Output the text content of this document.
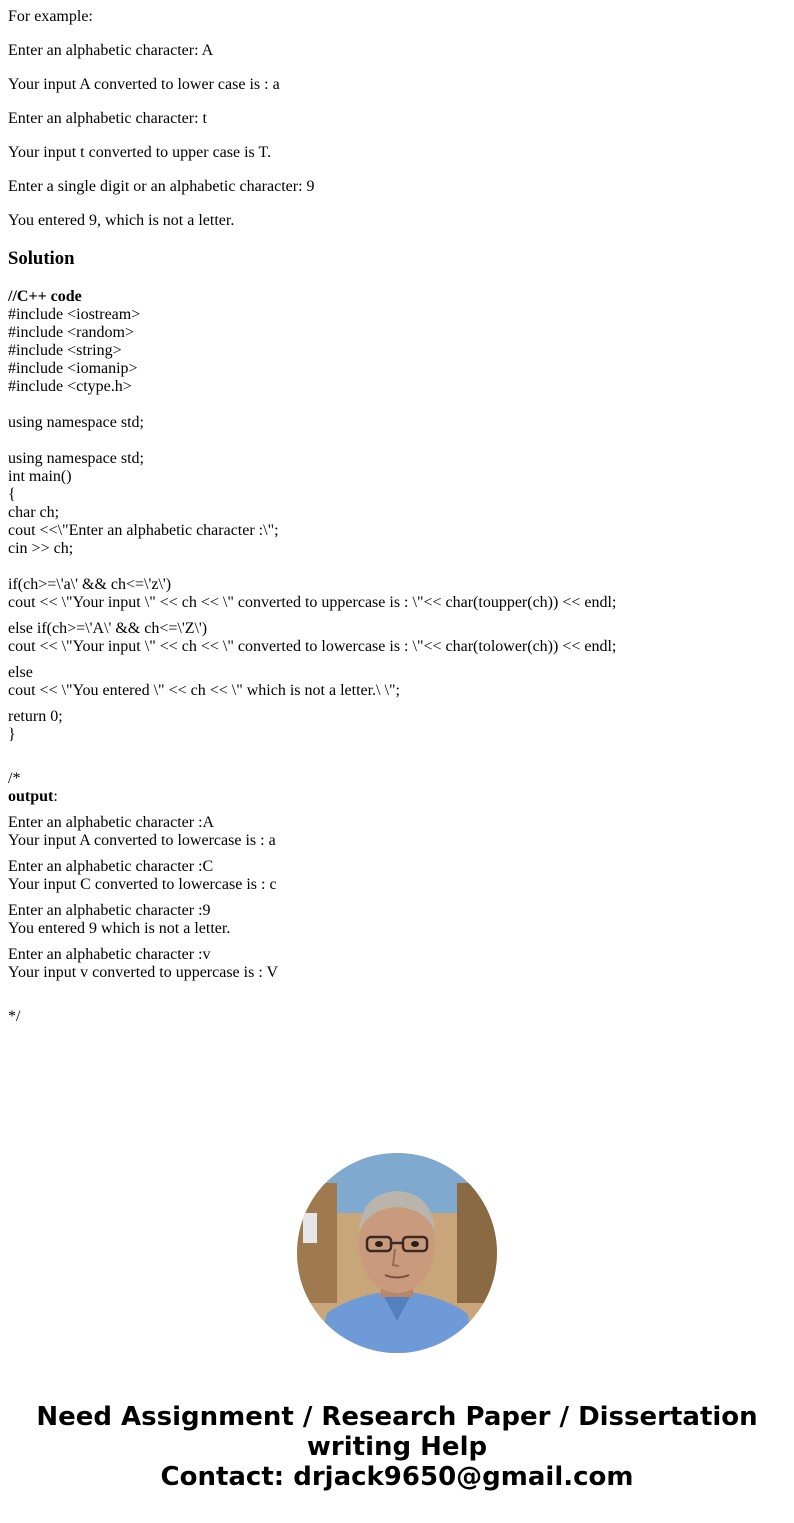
For example:

Enter an alphabetic character: A

Your input A converted to lower case is : a

Enter an alphabetic character: t

Your input t converted to upper case is T.

Enter a single digit or an alphabetic character: 9

You entered 9, which is not a letter.

Solution
//C++ code
#include <iostream>
#include <random>
#include <string>
#include <iomanip>
#include <ctype.h>
using namespace std;
using namespace std;
int main()
{
char ch;
cout <<\"Enter an alphabetic character :\";
cin >> ch;
if(ch>=\'a\' && ch<=\'z\')
cout << \"Your input \" << ch << \" converted to uppercase is : \"<< char(toupper(ch)) << endl;
else if(ch>=\'A\' && ch<=\'Z\')
cout << \"Your input \" << ch << \" converted to lowercase is : \"<< char(tolower(ch)) << endl;
else
cout << \"You entered \" << ch << \" which is not a letter.\ \";
return 0;
}
/*
output:
Enter an alphabetic character :A
Your input A converted to lowercase is : a
Enter an alphabetic character :C
Your input C converted to lowercase is : c
Enter an alphabetic character :9
You entered 9 which is not a letter.
Enter an alphabetic character :v
Your input v converted to uppercase is : V
*/
Need Assignment / Research Paper / Dissertation
writing Help
Contact: drjack9650@gmail.com
